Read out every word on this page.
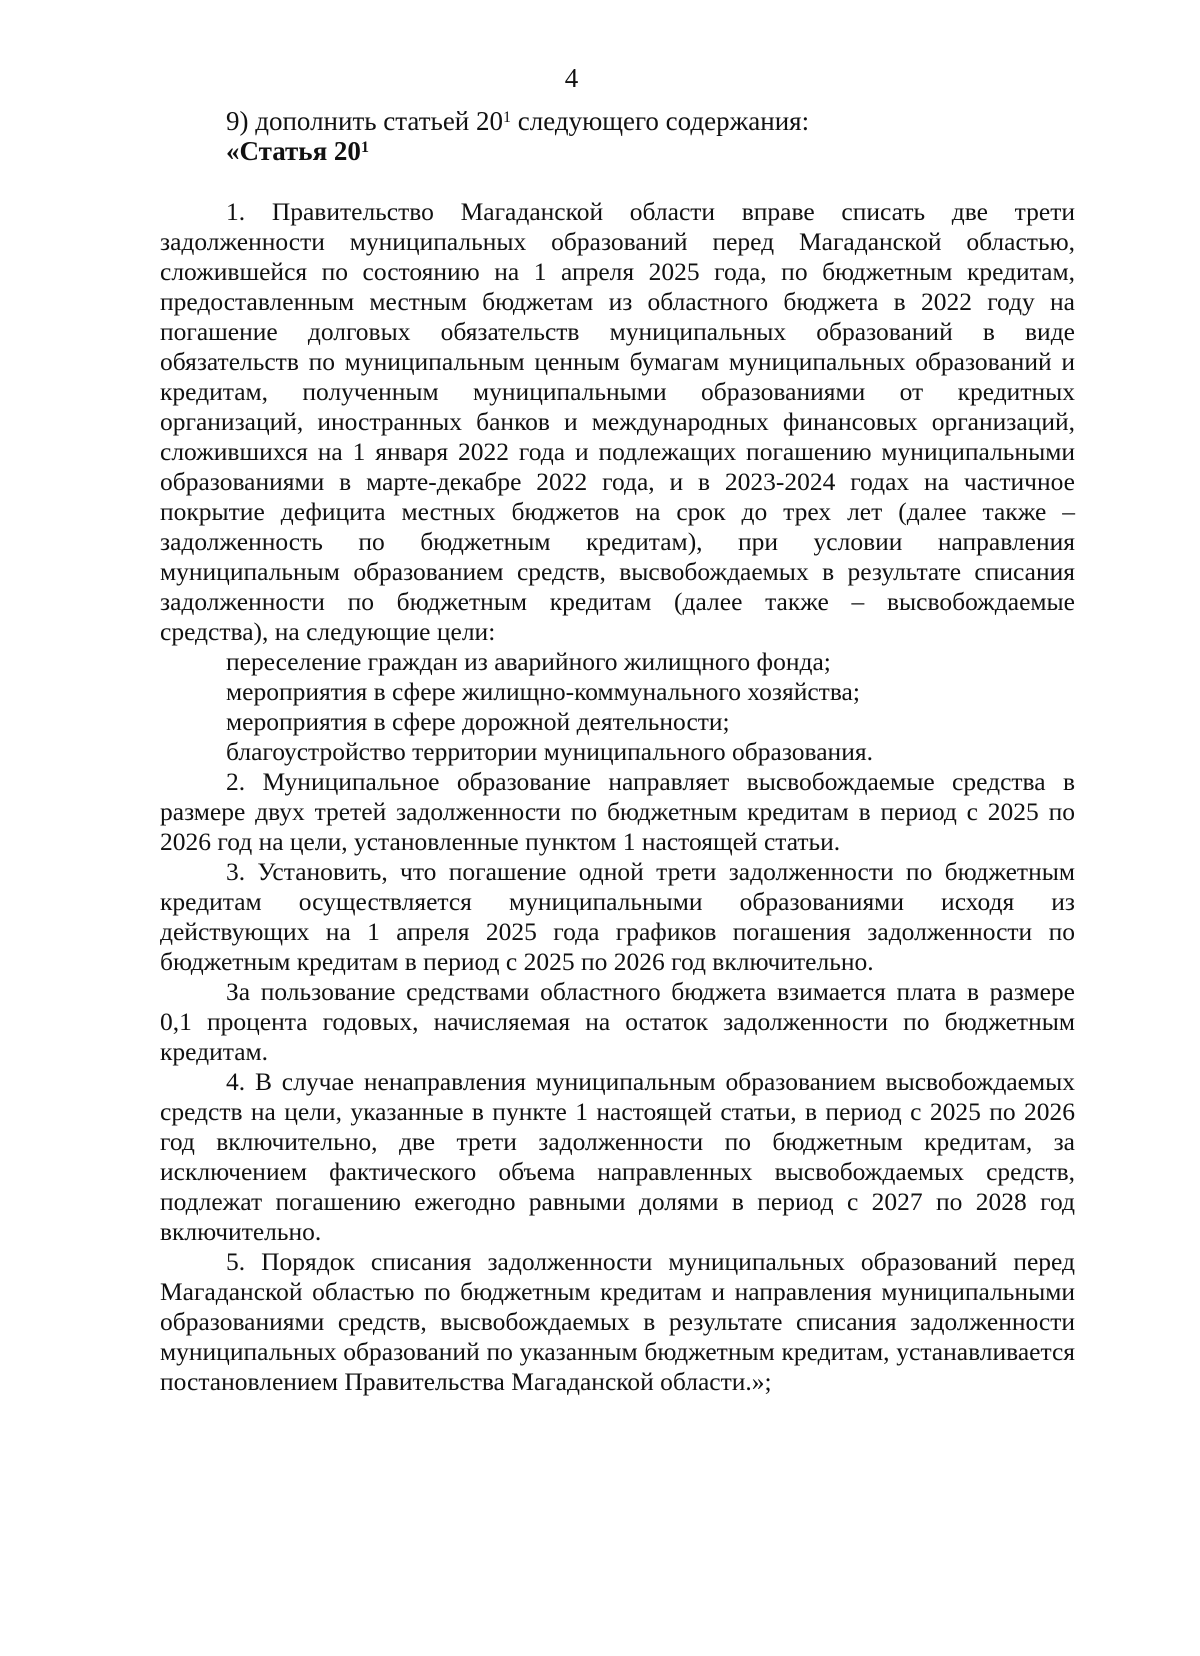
4
9) дополнить статьей $20^1$ следующего содержания:
«Статья $20^1$

1. Правительство Магаданской области вправе списать две трети задолженности муниципальных образований перед Магаданской областью, сложившейся по состоянию на 1 апреля 2025 года, по бюджетным кредитам, предоставленным местным бюджетам из областного бюджета в 2022 году на погашение долговых обязательств муниципальных образований в виде обязательств по муниципальным ценным бумагам муниципальных образований и кредитам, полученным муниципальными образованиями от кредитных организаций, иностранных банков и международных финансовых организаций, сложившихся на 1 января 2022 года и подлежащих погашению муниципальными образованиями в марте-декабре 2022 года, и в 2023-2024 годах на частичное покрытие дефицита местных бюджетов на срок до трех лет (далее также – задолженность по бюджетным кредитам), при условии направления муниципальным образованием средств, высвобождаемых в результате списания задолженности по бюджетным кредитам (далее также – высвобождаемые средства), на следующие цели:

переселение граждан из аварийного жилищного фонда;
мероприятия в сфере жилищно-коммунального хозяйства;
мероприятия в сфере дорожной деятельности;
благоустройство территории муниципального образования.

2. Муниципальное образование направляет высвобождаемые средства в размере двух третей задолженности по бюджетным кредитам в период с 2025 по 2026 год на цели, установленные пунктом 1 настоящей статьи.

3. Установить, что погашение одной трети задолженности по бюджетным кредитам осуществляется муниципальными образованиями исходя из действующих на 1 апреля 2025 года графиков погашения задолженности по бюджетным кредитам в период с 2025 по 2026 год включительно.

За пользование средствами областного бюджета взимается плата в размере 0,1 процента годовых, начисляемая на остаток задолженности по бюджетным кредитам.

4. В случае ненаправления муниципальным образованием высвобождаемых средств на цели, указанные в пункте 1 настоящей статьи, в период с 2025 по 2026 год включительно, две трети задолженности по бюджетным кредитам, за исключением фактического объема направленных высвобождаемых средств, подлежат погашению ежегодно равными долями в период с 2027 по 2028 год включительно.

5. Порядок списания задолженности муниципальных образований перед Магаданской областью по бюджетным кредитам и направления муниципальными образованиями средств, высвобождаемых в результате списания задолженности муниципальных образований по указанным бюджетным кредитам, устанавливается постановлением Правительства Магаданской области.»;
